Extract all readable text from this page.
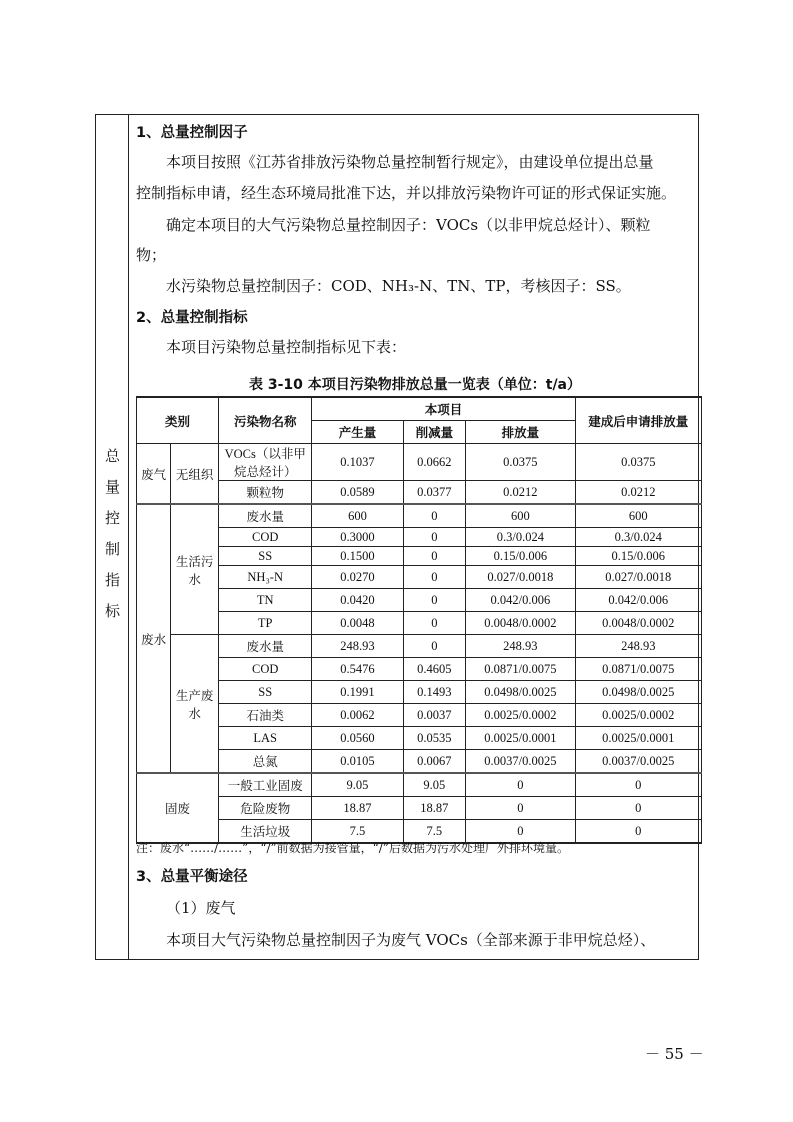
总
量
控
制
指
标
1、总量控制因子
本项目按照《江苏省排放污染物总量控制暂行规定》，由建设单位提出总量
控制指标申请，经生态环境局批准下达，并以排放污染物许可证的形式保证实施。
确定本项目的大气污染物总量控制因子：VOCs（以非甲烷总烃计）、颗粒
物；
水污染物总量控制因子：COD、NH₃-N、TN、TP，考核因子：SS。
2、总量控制指标
本项目污染物总量控制指标见下表：
表 3-10 本项目污染物排放总量一览表（单位：t/a）
类别		污染物名称	本项目			建成后申请排放量
			产生量	削减量	排放量	
废气	无组织	VOCs（以非甲烷总烃计）	0.1037	0.0662	0.0375	0.0375
		颗粒物	0.0589	0.0377	0.0212	0.0212
废水	生活污水	废水量	600	0	600	600
		COD	0.3000	0	0.3/0.024	0.3/0.024
		SS	0.1500	0	0.15/0.006	0.15/0.006
		NH₃-N	0.0270	0	0.027/0.0018	0.027/0.0018
		TN	0.0420	0	0.042/0.006	0.042/0.006
		TP	0.0048	0	0.0048/0.0002	0.0048/0.0002
	生产废水	废水量	248.93	0	248.93	248.93
		COD	0.5476	0.4605	0.0871/0.0075	0.0871/0.0075
		SS	0.1991	0.1493	0.0498/0.0025	0.0498/0.0025
		石油类	0.0062	0.0037	0.0025/0.0002	0.0025/0.0002
		LAS	0.0560	0.0535	0.0025/0.0001	0.0025/0.0001
		总氮	0.0105	0.0067	0.0037/0.0025	0.0037/0.0025
固废		一般工业固废	9.05	9.05	0	0
		危险废物	18.87	18.87	0	0
		生活垃圾	7.5	7.5	0	0
注：废水“……/……”，“/”前数据为接管量，“/”后数据为污水处理厂外排环境量。
3、总量平衡途径
（1）废气
本项目大气污染物总量控制因子为废气 VOCs（全部来源于非甲烷总烃）、
－ 55 －
